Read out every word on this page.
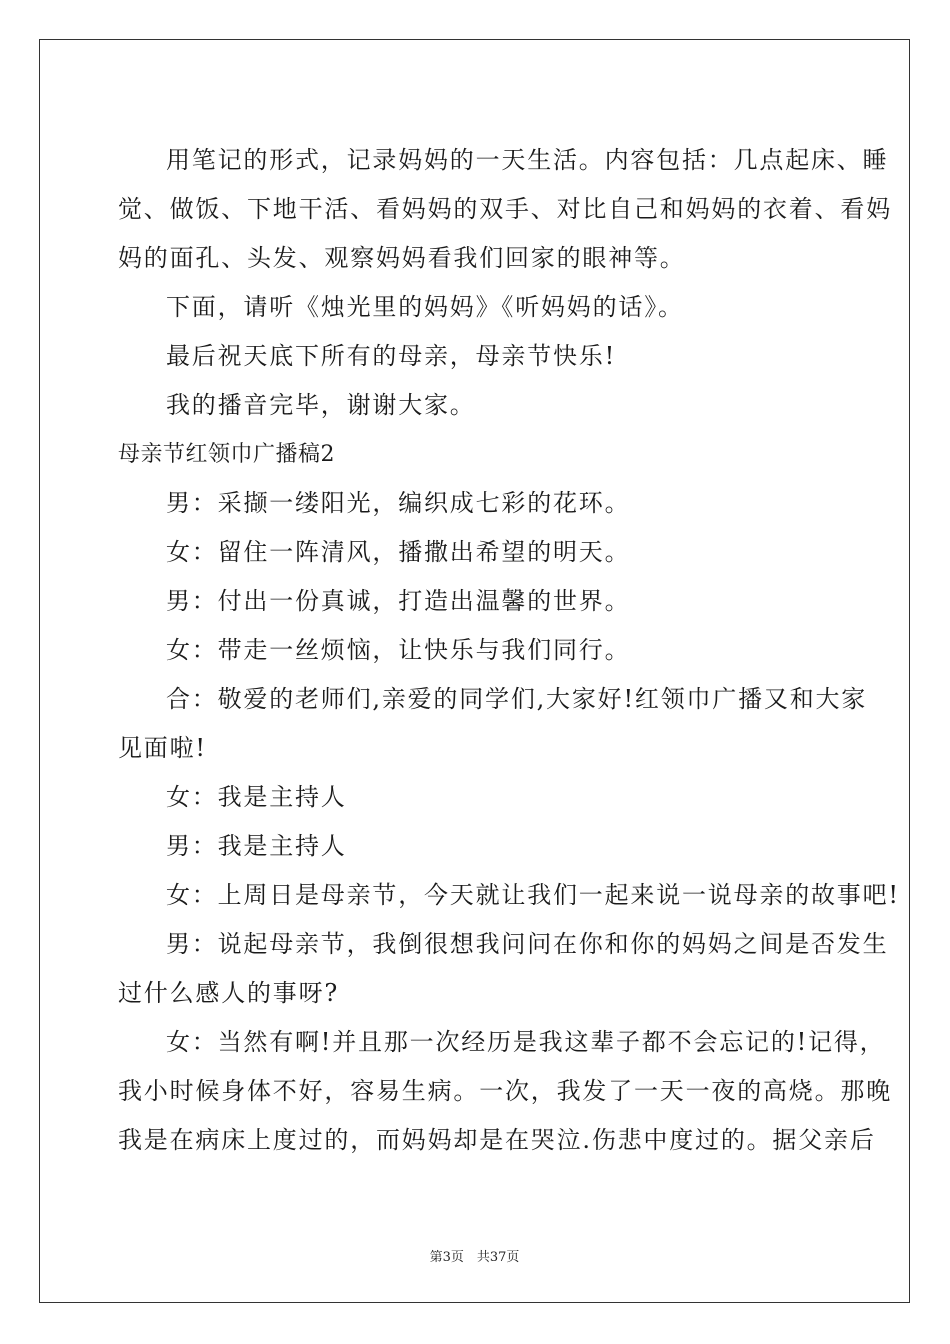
用笔记的形式，记录妈妈的一天生活。内容包括：几点起床、睡
觉、做饭、下地干活、看妈妈的双手、对比自己和妈妈的衣着、看妈
妈的面孔、头发、观察妈妈看我们回家的眼神等。
下面，请听《烛光里的妈妈》《听妈妈的话》。
最后祝天底下所有的母亲，母亲节快乐!
我的播音完毕，谢谢大家。
母亲节红领巾广播稿2
男：采撷一缕阳光，编织成七彩的花环。
女：留住一阵清风，播撒出希望的明天。
男：付出一份真诚，打造出温馨的世界。
女：带走一丝烦恼，让快乐与我们同行。
合：敬爱的老师们,亲爱的同学们,大家好!红领巾广播又和大家
见面啦!
女：我是主持人
男：我是主持人
女：上周日是母亲节，今天就让我们一起来说一说母亲的故事吧!
男：说起母亲节，我倒很想我问问在你和你的妈妈之间是否发生
过什么感人的事呀?
女：当然有啊!并且那一次经历是我这辈子都不会忘记的!记得，
我小时候身体不好，容易生病。一次，我发了一天一夜的高烧。那晚
我是在病床上度过的，而妈妈却是在哭泣.伤悲中度过的。据父亲后
第3页　共37页
